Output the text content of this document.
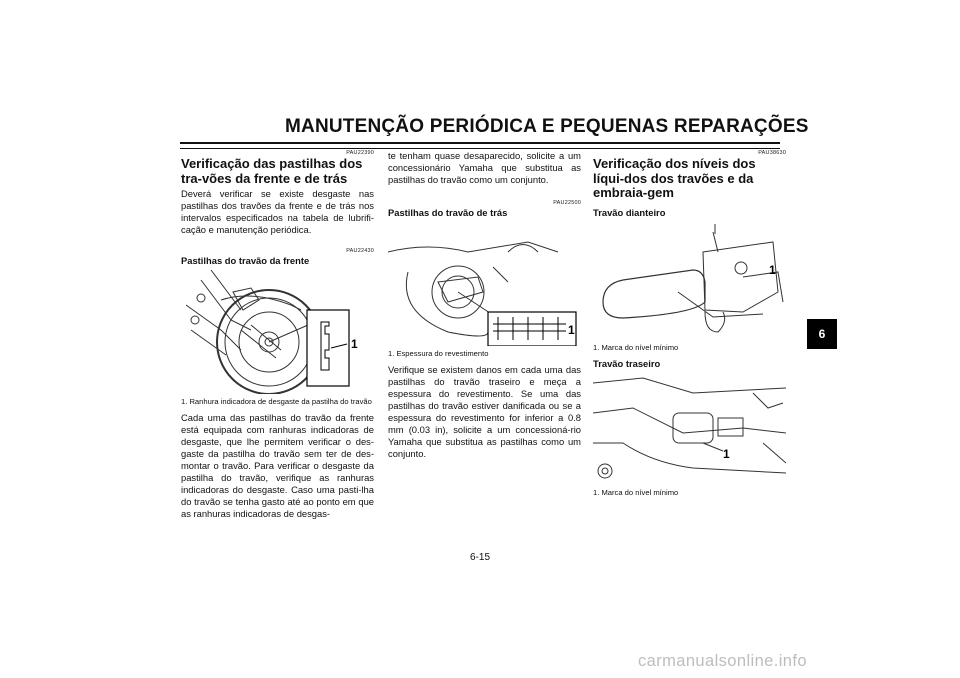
MANUTENÇÃO PERIÓDICA E PEQUENAS REPARAÇÕES

PAU22390

Verificação das pastilhas dos tra-vões da frente e de trás

Deverá verificar se existe desgaste nas pastilhas dos travões da frente e de trás nos intervalos especificados na tabela de lubrifi-cação e manutenção periódica.

PAU22430

Pastilhas do travão da frente
1

1. Ranhura indicadora de desgaste da pastilha do travão

Cada uma das pastilhas do travão da frente está equipada com ranhuras indicadoras de desgaste, que lhe permitem verificar o des-gaste da pastilha do travão sem ter de des-montar o travão. Para verificar o desgaste da pastilha do travão, verifique as ranhuras indicadoras do desgaste. Caso uma pasti-lha do travão se tenha gasto até ao ponto em que as ranhuras indicadoras de desgas-

te tenham quase desaparecido, solicite a um concessionário Yamaha que substitua as pastilhas do travão como um conjunto.

PAU22500

Pastilhas do travão de trás
1

1. Espessura do revestimento

Verifique se existem danos em cada uma das pastilhas do travão traseiro e meça a espessura do revestimento. Se uma das pastilhas do travão estiver danificada ou se a espessura do revestimento for inferior a 0.8 mm (0.03 in), solicite a um concessioná-rio Yamaha que substitua as pastilhas como um conjunto.

PAU38630

Verificação dos níveis dos líqui-dos dos travões e da embraia-gem
Travão dianteiro
1

1. Marca do nível mínimo

Travão traseiro
1

1. Marca do nível mínimo

6
6-15
carmanualsonline.info
